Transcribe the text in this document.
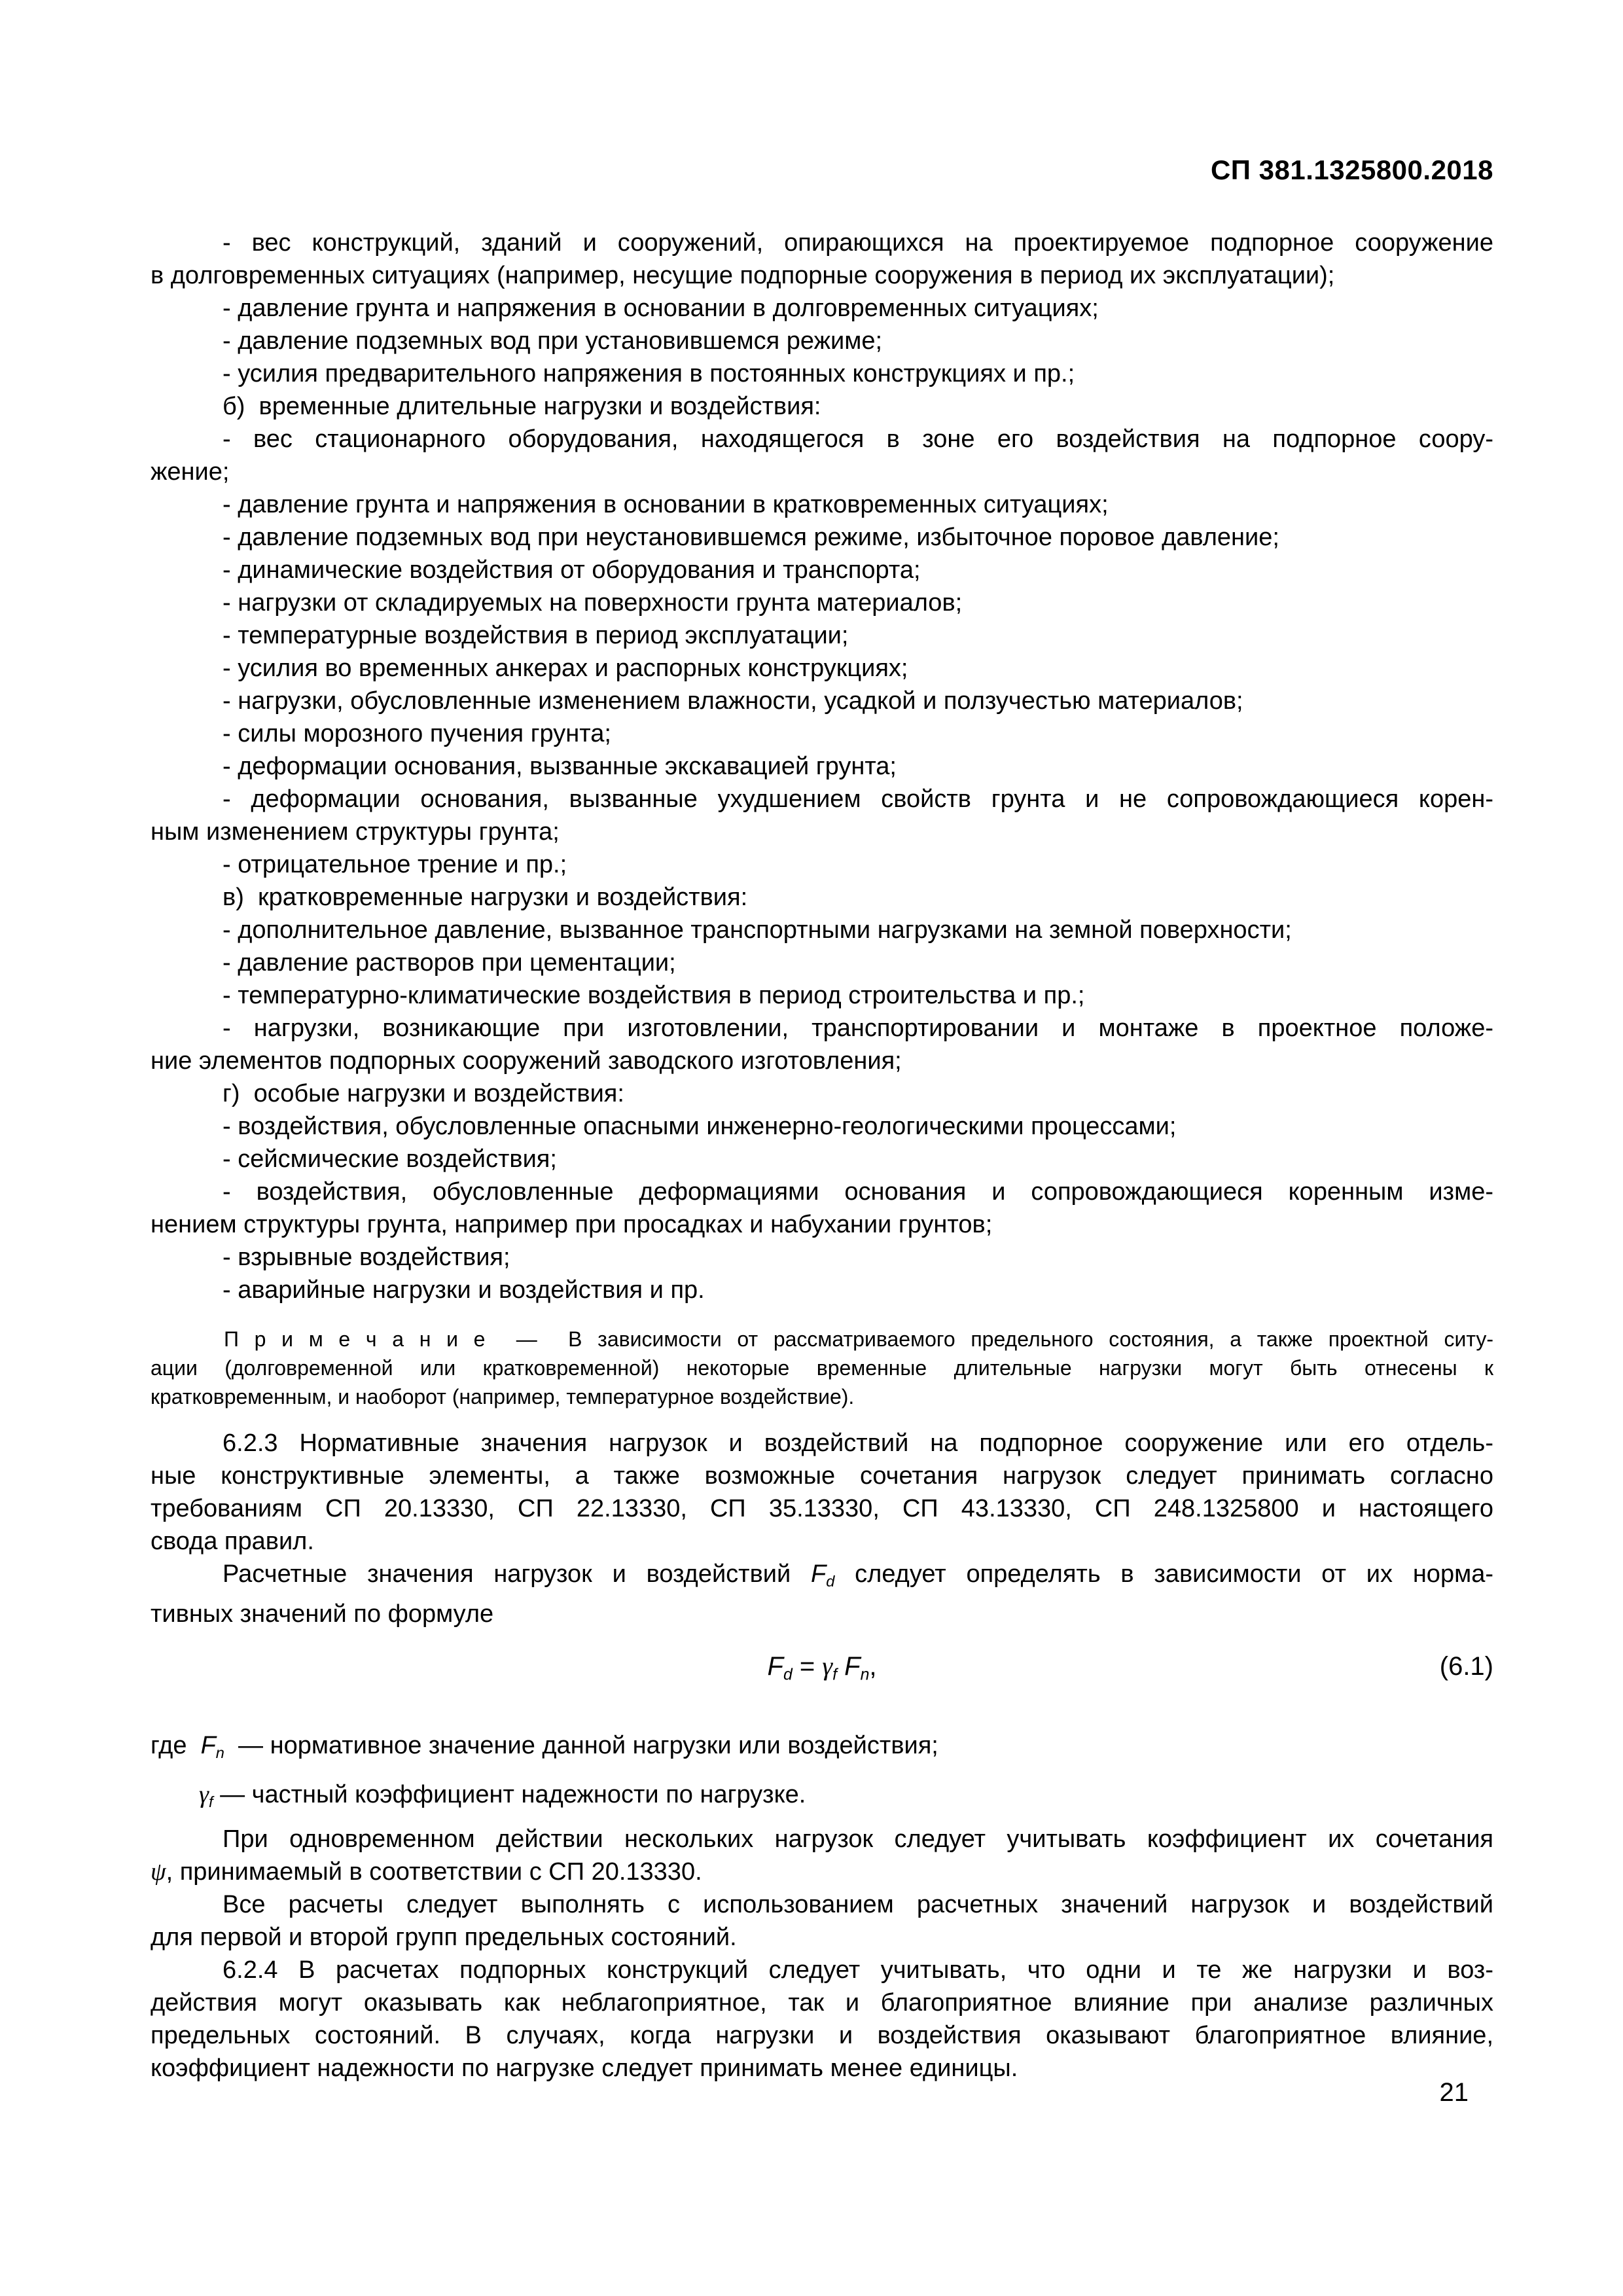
СП 381.1325800.2018
- вес конструкций, зданий и сооружений, опирающихся на проектируемое подпорное сооружение
в долговременных ситуациях (например, несущие подпорные сооружения в период их эксплуатации);
- давление грунта и напряжения в основании в долговременных ситуациях;
- давление подземных вод при установившемся режиме;
- усилия предварительного напряжения в постоянных конструкциях и пр.;
б)  временные длительные нагрузки и воздействия:
- вес стационарного оборудования, находящегося в зоне его воздействия на подпорное соору-
жение;
- давление грунта и напряжения в основании в кратковременных ситуациях;
- давление подземных вод при неустановившемся режиме, избыточное поровое давление;
- динамические воздействия от оборудования и транспорта;
- нагрузки от складируемых на поверхности грунта материалов;
- температурные воздействия в период эксплуатации;
- усилия во временных анкерах и распорных конструкциях;
- нагрузки, обусловленные изменением влажности, усадкой и ползучестью материалов;
- силы морозного пучения грунта;
- деформации основания, вызванные экскавацией грунта;
- деформации основания, вызванные ухудшением свойств грунта и не сопровождающиеся корен-
ным изменением структуры грунта;
- отрицательное трение и пр.;
в)  кратковременные нагрузки и воздействия:
- дополнительное давление, вызванное транспортными нагрузками на земной поверхности;
- давление растворов при цементации;
- температурно-климатические воздействия в период строительства и пр.;
- нагрузки, возникающие при изготовлении, транспортировании и монтаже в проектное положе-
ние элементов подпорных сооружений заводского изготовления;
г)  особые нагрузки и воздействия:
- воздействия, обусловленные опасными инженерно-геологическими процессами;
- сейсмические воздействия;
- воздействия, обусловленные деформациями основания и сопровождающиеся коренным изме-
нением структуры грунта, например при просадках и набухании грунтов;
- взрывные воздействия;
- аварийные нагрузки и воздействия и пр.
П р и м е ч а н и е  —  В зависимости от рассматриваемого предельного состояния, а также проектной ситу-
ации (долговременной или кратковременной) некоторые временные длительные нагрузки могут быть отнесены к
кратковременным, и наоборот (например, температурное воздействие).
6.2.3 Нормативные значения нагрузок и воздействий на подпорное сооружение или его отдель-
ные конструктивные элементы, а также возможные сочетания нагрузок следует принимать согласно
требованиям СП 20.13330, СП 22.13330, СП 35.13330, СП 43.13330, СП 248.1325800 и настоящего
свода правил.
Расчетные значения нагрузок и воздействий Fd следует определять в зависимости от их норма-
тивных значений по формуле
Fd = γf Fn,	(6.1)
где  Fn  — нормативное значение данной нагрузки или воздействия;
γf — частный коэффициент надежности по нагрузке.
При одновременном действии нескольких нагрузок следует учитывать коэффициент их сочетания
ψ, принимаемый в соответствии с СП 20.13330.
Все расчеты следует выполнять с использованием расчетных значений нагрузок и воздействий
для первой и второй групп предельных состояний.
6.2.4 В расчетах подпорных конструкций следует учитывать, что одни и те же нагрузки и воз-
действия могут оказывать как неблагоприятное, так и благоприятное влияние при анализе различных
предельных состояний. В случаях, когда нагрузки и воздействия оказывают благоприятное влияние,
коэффициент надежности по нагрузке следует принимать менее единицы.
21
